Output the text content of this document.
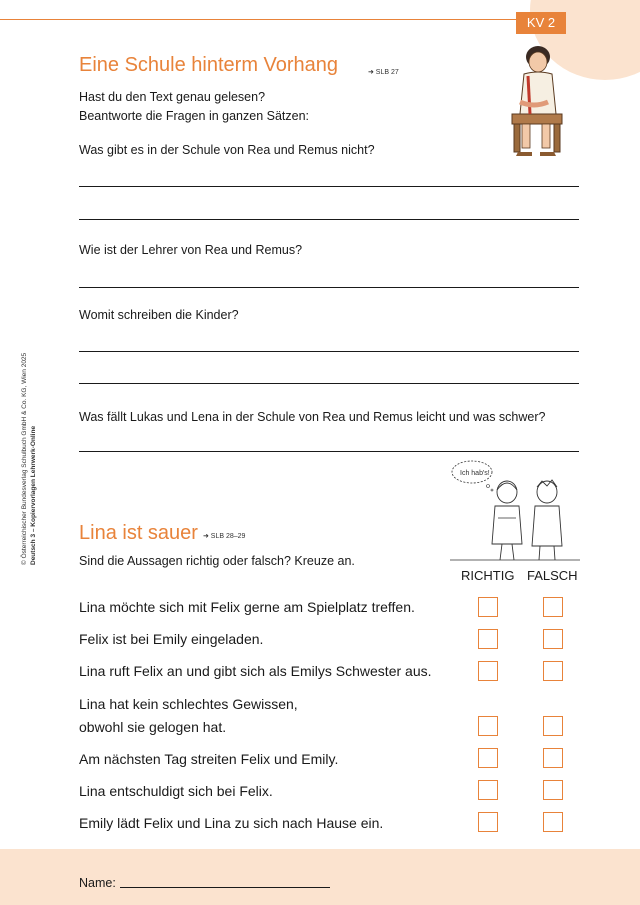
KV 2
© Österreichischer Bundesverlag Schulbuch GmbH & Co. KG, Wien 2025 Deutsch 3 – Kopiervorlagen Lehrwerk-Online
Eine Schule hinterm Vorhang	➜ SLB 27
Hast du den Text genau gelesen?
Beantworte die Fragen in ganzen Sätzen:
Was gibt es in der Schule von Rea und Remus nicht?
Wie ist der Lehrer von Rea und Remus?
Womit schreiben die Kinder?
Was fällt Lukas und Lena in der Schule von Rea und Remus leicht und was schwer?
Ich hab's!
Lina ist sauer ➜ SLB 28–29
Sind die Aussagen richtig oder falsch? Kreuze an.
RICHTIG FALSCH
Lina möchte sich mit Felix gerne am Spielplatz treffen.
Felix ist bei Emily eingeladen.
Lina ruft Felix an und gibt sich als Emilys Schwester aus.
Lina hat kein schlechtes Gewissen,
obwohl sie gelogen hat.
Am nächsten Tag streiten Felix und Emily.
Lina entschuldigt sich bei Felix.
Emily lädt Felix und Lina zu sich nach Hause ein.
Name:
